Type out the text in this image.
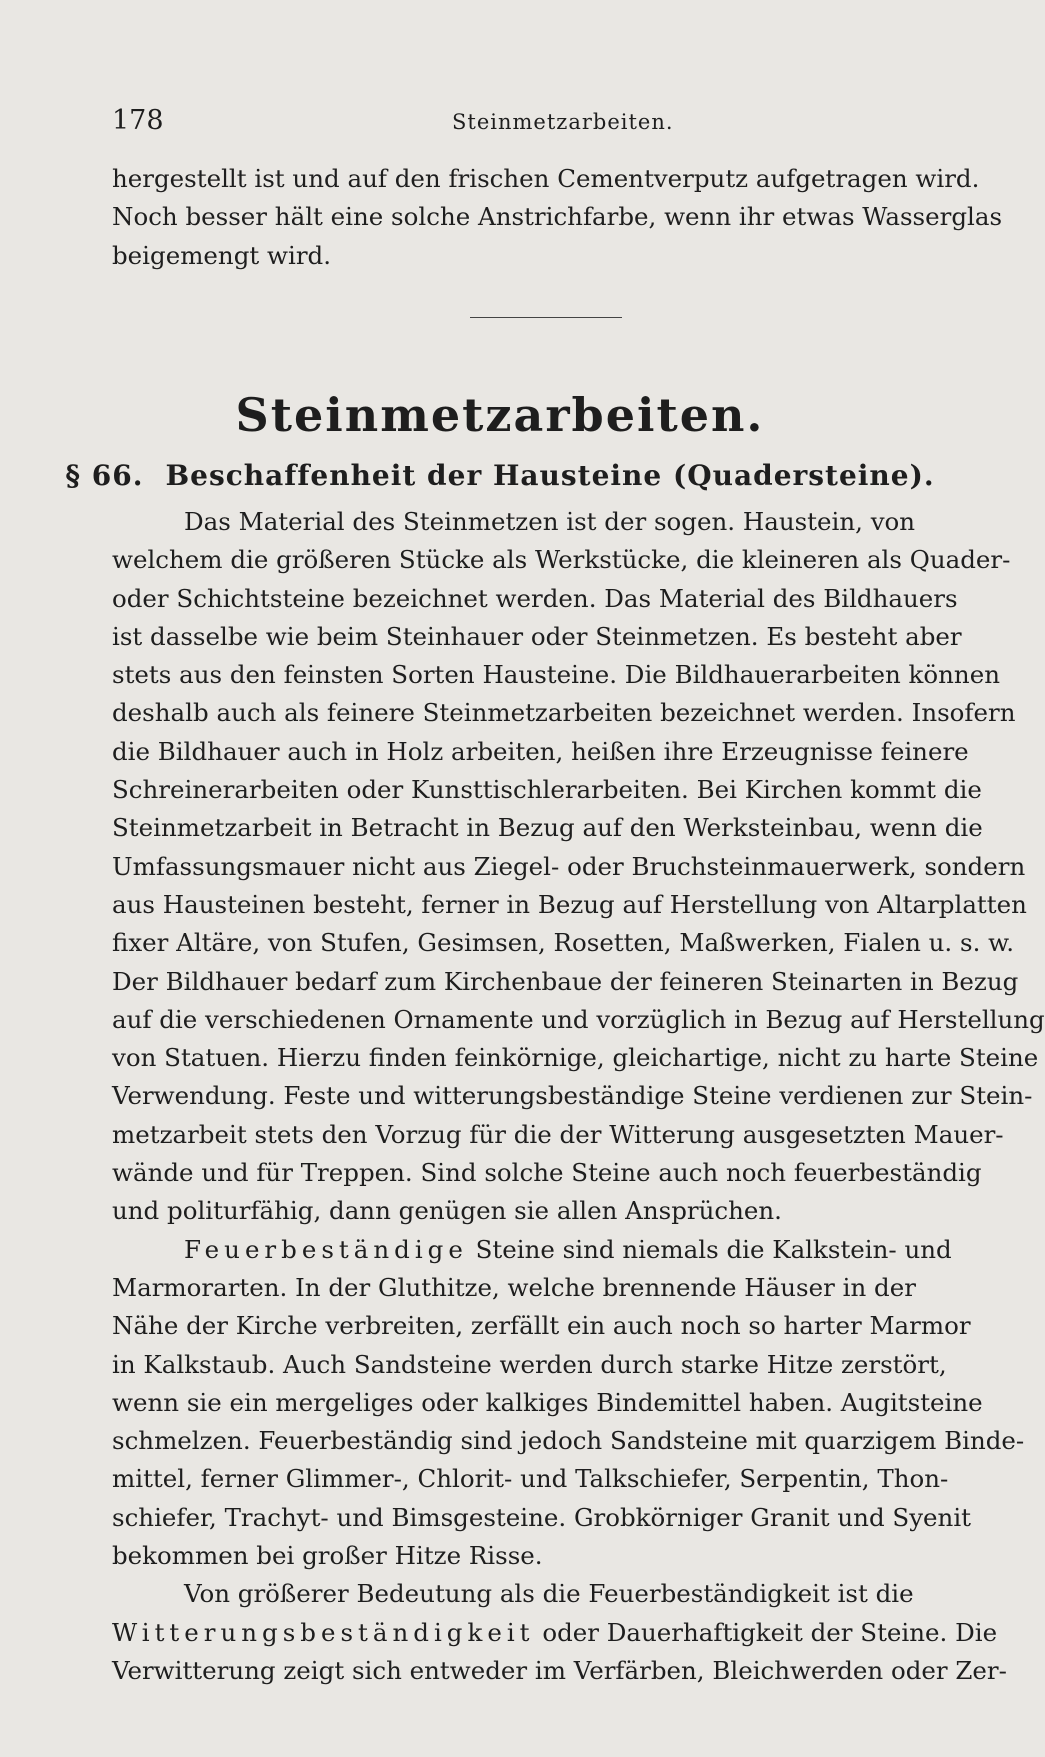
178	Steinmetzarbeiten.
hergestellt ist und auf den frischen Cementverputz aufgetragen wird.
Noch besser hält eine solche Anstrichfarbe, wenn ihr etwas Wasserglas
beigemengt wird.
Steinmetzarbeiten.
§ 66. Beschaffenheit der Hausteine (Quadersteine).
Das Material des Steinmetzen ist der sogen. Haustein, von
welchem die größeren Stücke als Werkstücke, die kleineren als Quader-
oder Schichtsteine bezeichnet werden. Das Material des Bildhauers
ist dasselbe wie beim Steinhauer oder Steinmetzen. Es besteht aber
stets aus den feinsten Sorten Hausteine. Die Bildhauerarbeiten können
deshalb auch als feinere Steinmetzarbeiten bezeichnet werden. Insofern
die Bildhauer auch in Holz arbeiten, heißen ihre Erzeugnisse feinere
Schreinerarbeiten oder Kunsttischlerarbeiten. Bei Kirchen kommt die
Steinmetzarbeit in Betracht in Bezug auf den Werksteinbau, wenn die
Umfassungsmauer nicht aus Ziegel- oder Bruchsteinmauerwerk, sondern
aus Hausteinen besteht, ferner in Bezug auf Herstellung von Altarplatten
fixer Altäre, von Stufen, Gesimsen, Rosetten, Maßwerken, Fialen u. s. w.
Der Bildhauer bedarf zum Kirchenbaue der feineren Steinarten in Bezug
auf die verschiedenen Ornamente und vorzüglich in Bezug auf Herstellung
von Statuen. Hierzu finden feinkörnige, gleichartige, nicht zu harte Steine
Verwendung. Feste und witterungsbeständige Steine verdienen zur Stein-
metzarbeit stets den Vorzug für die der Witterung ausgesetzten Mauer-
wände und für Treppen. Sind solche Steine auch noch feuerbeständig
und politurfähig, dann genügen sie allen Ansprüchen.
Feuerbeständige Steine sind niemals die Kalkstein- und
Marmorarten. In der Gluthitze, welche brennende Häuser in der
Nähe der Kirche verbreiten, zerfällt ein auch noch so harter Marmor
in Kalkstaub. Auch Sandsteine werden durch starke Hitze zerstört,
wenn sie ein mergeliges oder kalkiges Bindemittel haben. Augitsteine
schmelzen. Feuerbeständig sind jedoch Sandsteine mit quarzigem Binde-
mittel, ferner Glimmer-, Chlorit- und Talkschiefer, Serpentin, Thon-
schiefer, Trachyt- und Bimsgesteine. Grobkörniger Granit und Syenit
bekommen bei großer Hitze Risse.
Von größerer Bedeutung als die Feuerbeständigkeit ist die
Witterungsbeständigkeit oder Dauerhaftigkeit der Steine. Die
Verwitterung zeigt sich entweder im Verfärben, Bleichwerden oder Zer-
